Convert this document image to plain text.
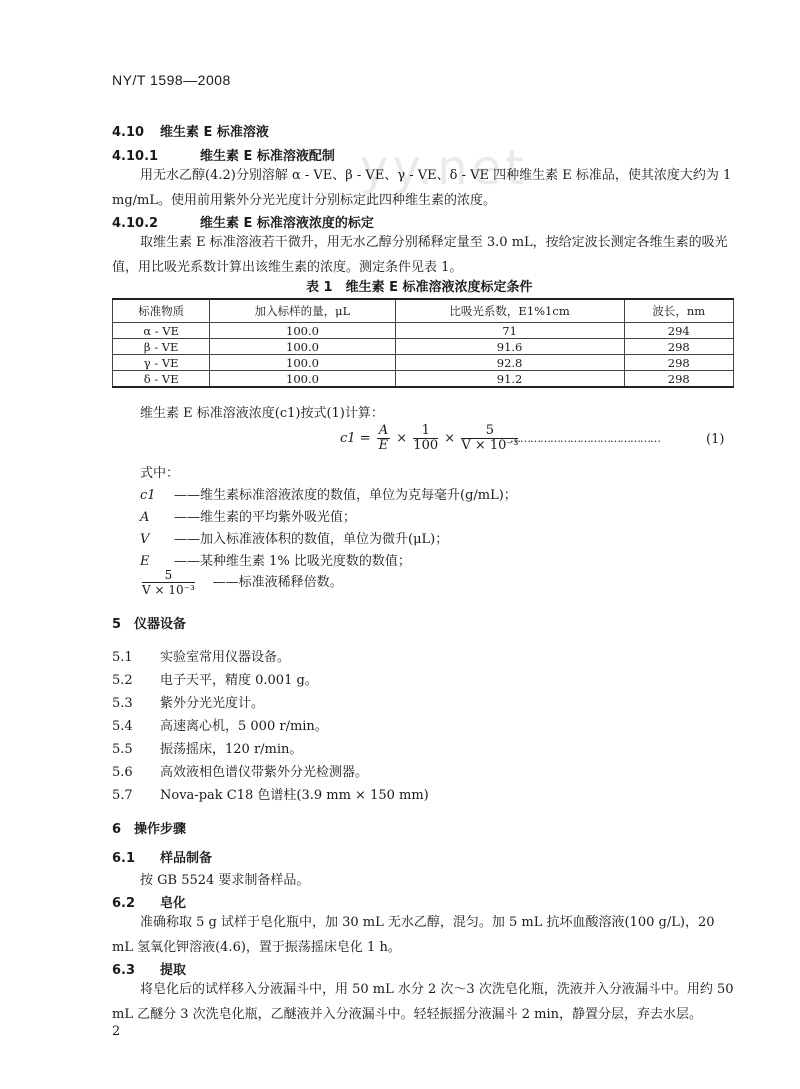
NY/T 1598—2008
yy.net
4.10 维生素 E 标准溶液
4.10.1	维生素 E 标准溶液配制
用无水乙醇(4.2)分别溶解 α - VE、β - VE、γ - VE、δ - VE 四种维生素 E 标准品，使其浓度大约为 1 mg/mL。使用前用紫外分光光度计分别标定此四种维生素的浓度。
4.10.2	维生素 E 标准溶液浓度的标定
取维生素 E 标准溶液若干微升，用无水乙醇分别稀释定量至 3.0 mL，按给定波长测定各维生素的吸光值，用比吸光系数计算出该维生素的浓度。测定条件见表 1。
表 1　维生素 E 标准溶液浓度标定条件
标准物质	加入标样的量，μL	比吸光系数，E1%1cm	波长，nm
α - VE	100.0	71	294
β - VE	100.0	91.6	298
γ - VE	100.0	92.8	298
δ - VE	100.0	91.2	298
维生素 E 标准溶液浓度(c1)按式(1)计算：
$c1 = \frac{A}{E} \times \frac{1}{100} \times \frac{5}{\text{V × 10⁻³}}$
………………………………………	(1)
式中：
c1 ——维生素标准溶液浓度的数值，单位为克每毫升(g/mL)；
A ——维生素的平均紫外吸光值；
V ——加入标准液体积的数值，单位为微升(μL)；
E ——某种维生素 1% 比吸光度数的数值；
$\frac{5}{\text{V × 10⁻³}}$ ——标准液稀释倍数。
5 仪器设备
5.1 实验室常用仪器设备。
5.2 电子天平，精度 0.001 g。
5.3 紫外分光光度计。
5.4 高速离心机，5 000 r/min。
5.5 振荡摇床，120 r/min。
5.6 高效液相色谱仪带紫外分光检测器。
5.7 Nova-pak C18 色谱柱(3.9 mm × 150 mm)
6 操作步骤
6.1 样品制备
按 GB 5524 要求制备样品。
6.2 皂化
准确称取 5 g 试样于皂化瓶中，加 30 mL 无水乙醇，混匀。加 5 mL 抗坏血酸溶液(100 g/L)，20 mL 氢氧化钾溶液(4.6)，置于振荡摇床皂化 1 h。
6.3 提取
将皂化后的试样移入分液漏斗中，用 50 mL 水分 2 次～3 次洗皂化瓶，洗液并入分液漏斗中。用约 50 mL 乙醚分 3 次洗皂化瓶，乙醚液并入分液漏斗中。轻轻振摇分液漏斗 2 min，静置分层，弃去水层。
2
